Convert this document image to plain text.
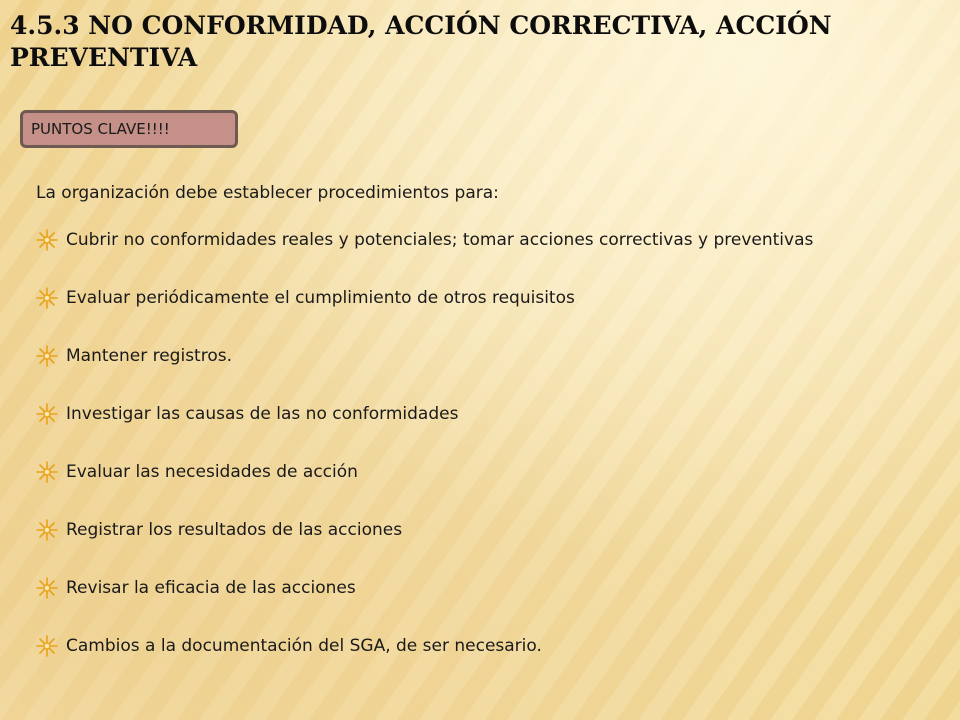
4.5.3 NO CONFORMIDAD, ACCIÓN CORRECTIVA, ACCIÓN PREVENTIVA
PUNTOS CLAVE!!!!

La organización debe establecer procedimientos para:

Cubrir no conformidades reales y potenciales; tomar acciones correctivas y preventivas
Evaluar periódicamente el cumplimiento de otros requisitos
Mantener registros.
Investigar las causas de las no conformidades
Evaluar las necesidades de acción
Registrar los resultados de las acciones
Revisar la eficacia de las acciones
Cambios a la documentación del SGA, de ser necesario.
